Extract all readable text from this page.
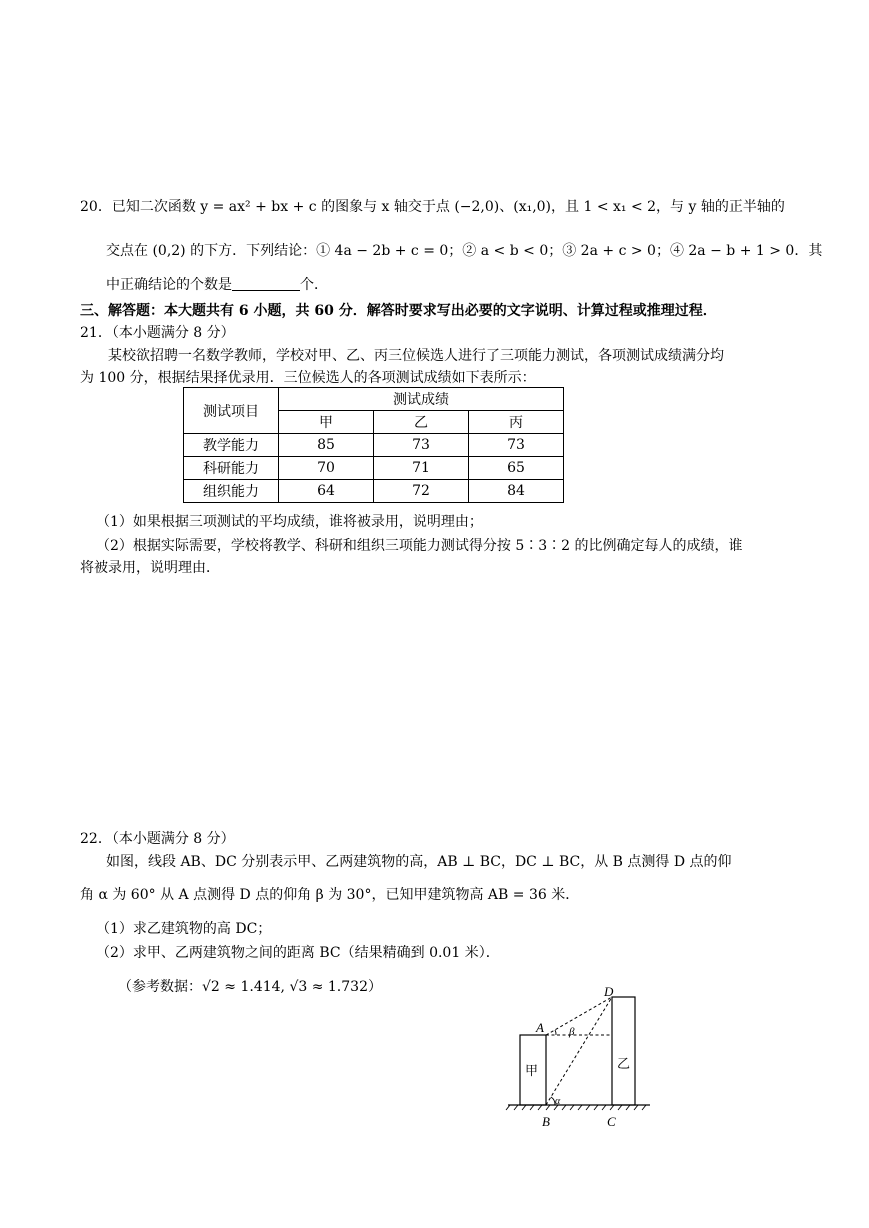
20．已知二次函数 y = ax² + bx + c 的图象与 x 轴交于点 (−2,0)、(x₁,0)，且 1 < x₁ < 2，与 y 轴的正半轴的
交点在 (0,2) 的下方．下列结论：① 4a − 2b + c = 0；② a < b < 0；③ 2a + c > 0；④ 2a − b + 1 > 0．其
中正确结论的个数是	个．
三、解答题：本大题共有 6 小题，共 60 分．解答时要求写出必要的文字说明、计算过程或推理过程．
21．（本小题满分 8 分）
某校欲招聘一名数学教师，学校对甲、乙、丙三位候选人进行了三项能力测试，各项测试成绩满分均
为 100 分，根据结果择优录用．三位候选人的各项测试成绩如下表所示：
测试项目	测试成绩		
	甲	乙	丙
教学能力	85	73	73
科研能力	70	71	65
组织能力	64	72	84
（1）如果根据三项测试的平均成绩，谁将被录用，说明理由；
（2）根据实际需要，学校将教学、科研和组织三项能力测试得分按 5∶3∶2 的比例确定每人的成绩，谁
将被录用，说明理由．
22．（本小题满分 8 分）
如图，线段 AB、DC 分别表示甲、乙两建筑物的高，AB ⊥ BC，DC ⊥ BC，从 B 点测得 D 点的仰
角 α 为 60° 从 A 点测得 D 点的仰角 β 为 30°，已知甲建筑物高 AB = 36 米．
（1）求乙建筑物的高 DC；
（2）求甲、乙两建筑物之间的距离 BC（结果精确到 0.01 米）．
（参考数据：√2 ≈ 1.414, √3 ≈ 1.732）
A
B	C
D
β
α
甲	乙
